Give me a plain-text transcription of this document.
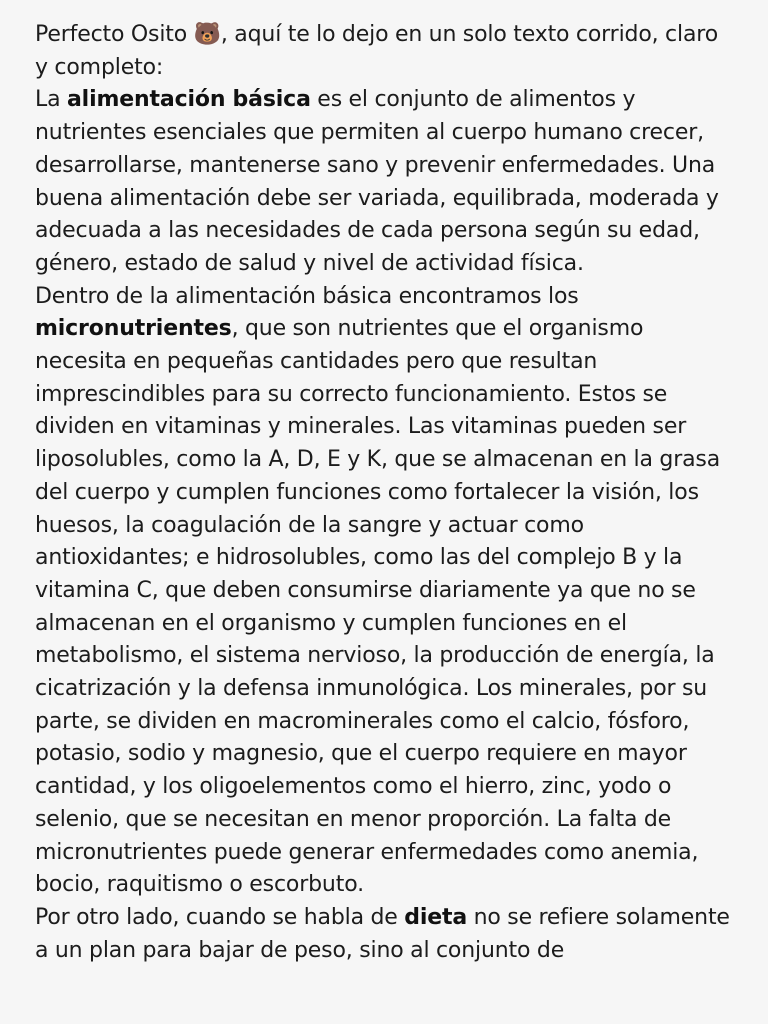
Perfecto Osito 🐻, aquí te lo dejo en un solo texto corrido, claro y completo:

La alimentación básica es el conjunto de alimentos y nutrientes esenciales que permiten al cuerpo humano crecer, desarrollarse, mantenerse sano y prevenir enfermedades. Una buena alimentación debe ser variada, equilibrada, moderada y adecuada a las necesidades de cada persona según su edad, género, estado de salud y nivel de actividad física.

Dentro de la alimentación básica encontramos los micronutrientes, que son nutrientes que el organismo necesita en pequeñas cantidades pero que resultan imprescindibles para su correcto funcionamiento. Estos se dividen en vitaminas y minerales. Las vitaminas pueden ser liposolubles, como la A, D, E y K, que se almacenan en la grasa del cuerpo y cumplen funciones como fortalecer la visión, los huesos, la coagulación de la sangre y actuar como antioxidantes; e hidrosolubles, como las del complejo B y la vitamina C, que deben consumirse diariamente ya que no se almacenan en el organismo y cumplen funciones en el metabolismo, el sistema nervioso, la producción de energía, la cicatrización y la defensa inmunológica. Los minerales, por su parte, se dividen en macrominerales como el calcio, fósforo, potasio, sodio y magnesio, que el cuerpo requiere en mayor cantidad, y los oligoelementos como el hierro, zinc, yodo o selenio, que se necesitan en menor proporción. La falta de micronutrientes puede generar enfermedades como anemia, bocio, raquitismo o escorbuto.

Por otro lado, cuando se habla de dieta no se refiere solamente a un plan para bajar de peso, sino al conjunto de
